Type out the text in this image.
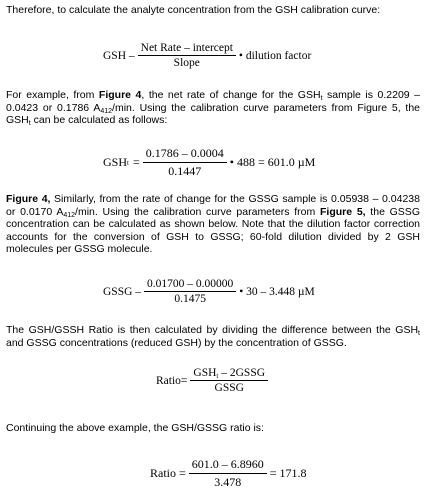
Therefore, to calculate the analyte concentration from the GSH calibration curve:
GSH – $\frac{\text{Net Rate – intercept}}{\text{Slope}}$ • dilution factor
For example, from Figure 4, the net rate of change for the $GSH_t$ sample is 0.2209 – 0.0423 or 0.1786 $A_{412}/\min$. Using the calibration curve parameters from Figure 5, the $GSH_t$ can be calculated as follows:
GSH $t = \frac{0.1786 - 0.0004}{0.1447}$ • 488 = 601.0 µM
Figure 4, Similarly, from the rate of change for the GSSG sample is 0.05938 – 0.04238 or 0.0170 $A_{412}/\min$. Using the calibration curve parameters from Figure 5, the GSSG concentration can be calculated as shown below. Note that the dilution factor correction accounts for the conversion of GSH to GSSG; 60-fold dilution divided by 2 GSH molecules per GSSG molecule.
GSSG – $\frac{0.01700 - 0.00000}{0.1475}$ • 30 – 3.448 µM
The GSH/GSSH Ratio is then calculated by dividing the difference between the $GSH_t$ and GSSG concentrations (reduced GSH) by the concentration of GSSG.
Ratio= $\frac{GSH_t - 2GSSG}{\text{GSSG}}$
Continuing the above example, the GSH/GSSG ratio is:
Ratio = $\frac{601.0 - 6.8960}{3.478} = 171.8$
